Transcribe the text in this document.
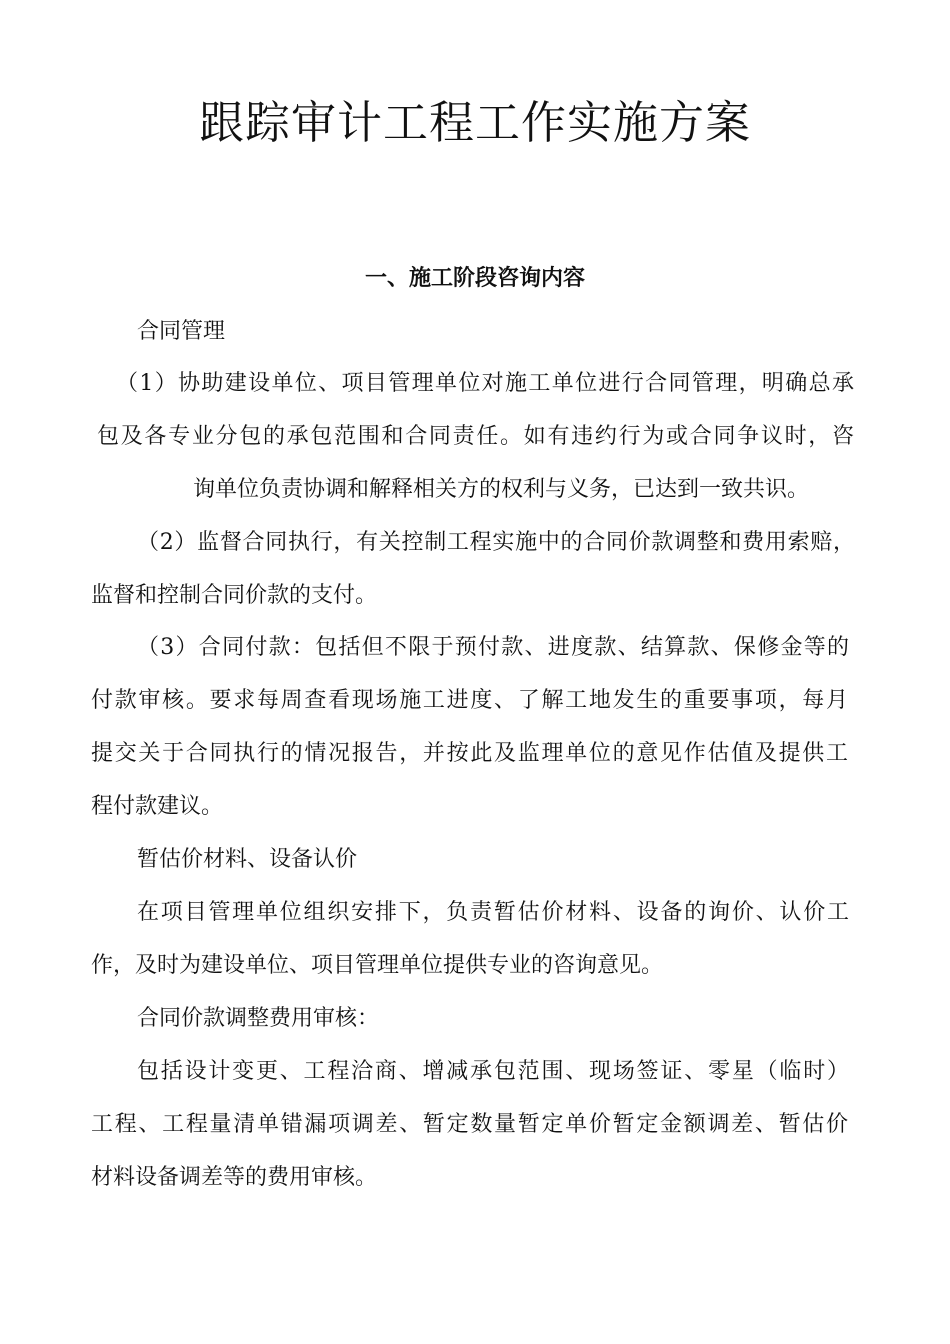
跟踪审计工程工作实施方案
一、施工阶段咨询内容
合同管理
（1）协助建设单位、项目管理单位对施工单位进行合同管理，明确总承
包及各专业分包的承包范围和合同责任。如有违约行为或合同争议时，咨
询单位负责协调和解释相关方的权利与义务，已达到一致共识。
（2）监督合同执行，有关控制工程实施中的合同价款调整和费用索赔，
监督和控制合同价款的支付。
（3）合同付款：包括但不限于预付款、进度款、结算款、保修金等的
付款审核。要求每周查看现场施工进度、了解工地发生的重要事项，每月
提交关于合同执行的情况报告，并按此及监理单位的意见作估值及提供工
程付款建议。
暂估价材料、设备认价
在项目管理单位组织安排下，负责暂估价材料、设备的询价、认价工
作，及时为建设单位、项目管理单位提供专业的咨询意见。
合同价款调整费用审核：
包括设计变更、工程洽商、增减承包范围、现场签证、零星（临时）
工程、工程量清单错漏项调差、暂定数量暂定单价暂定金额调差、暂估价
材料设备调差等的费用审核。
